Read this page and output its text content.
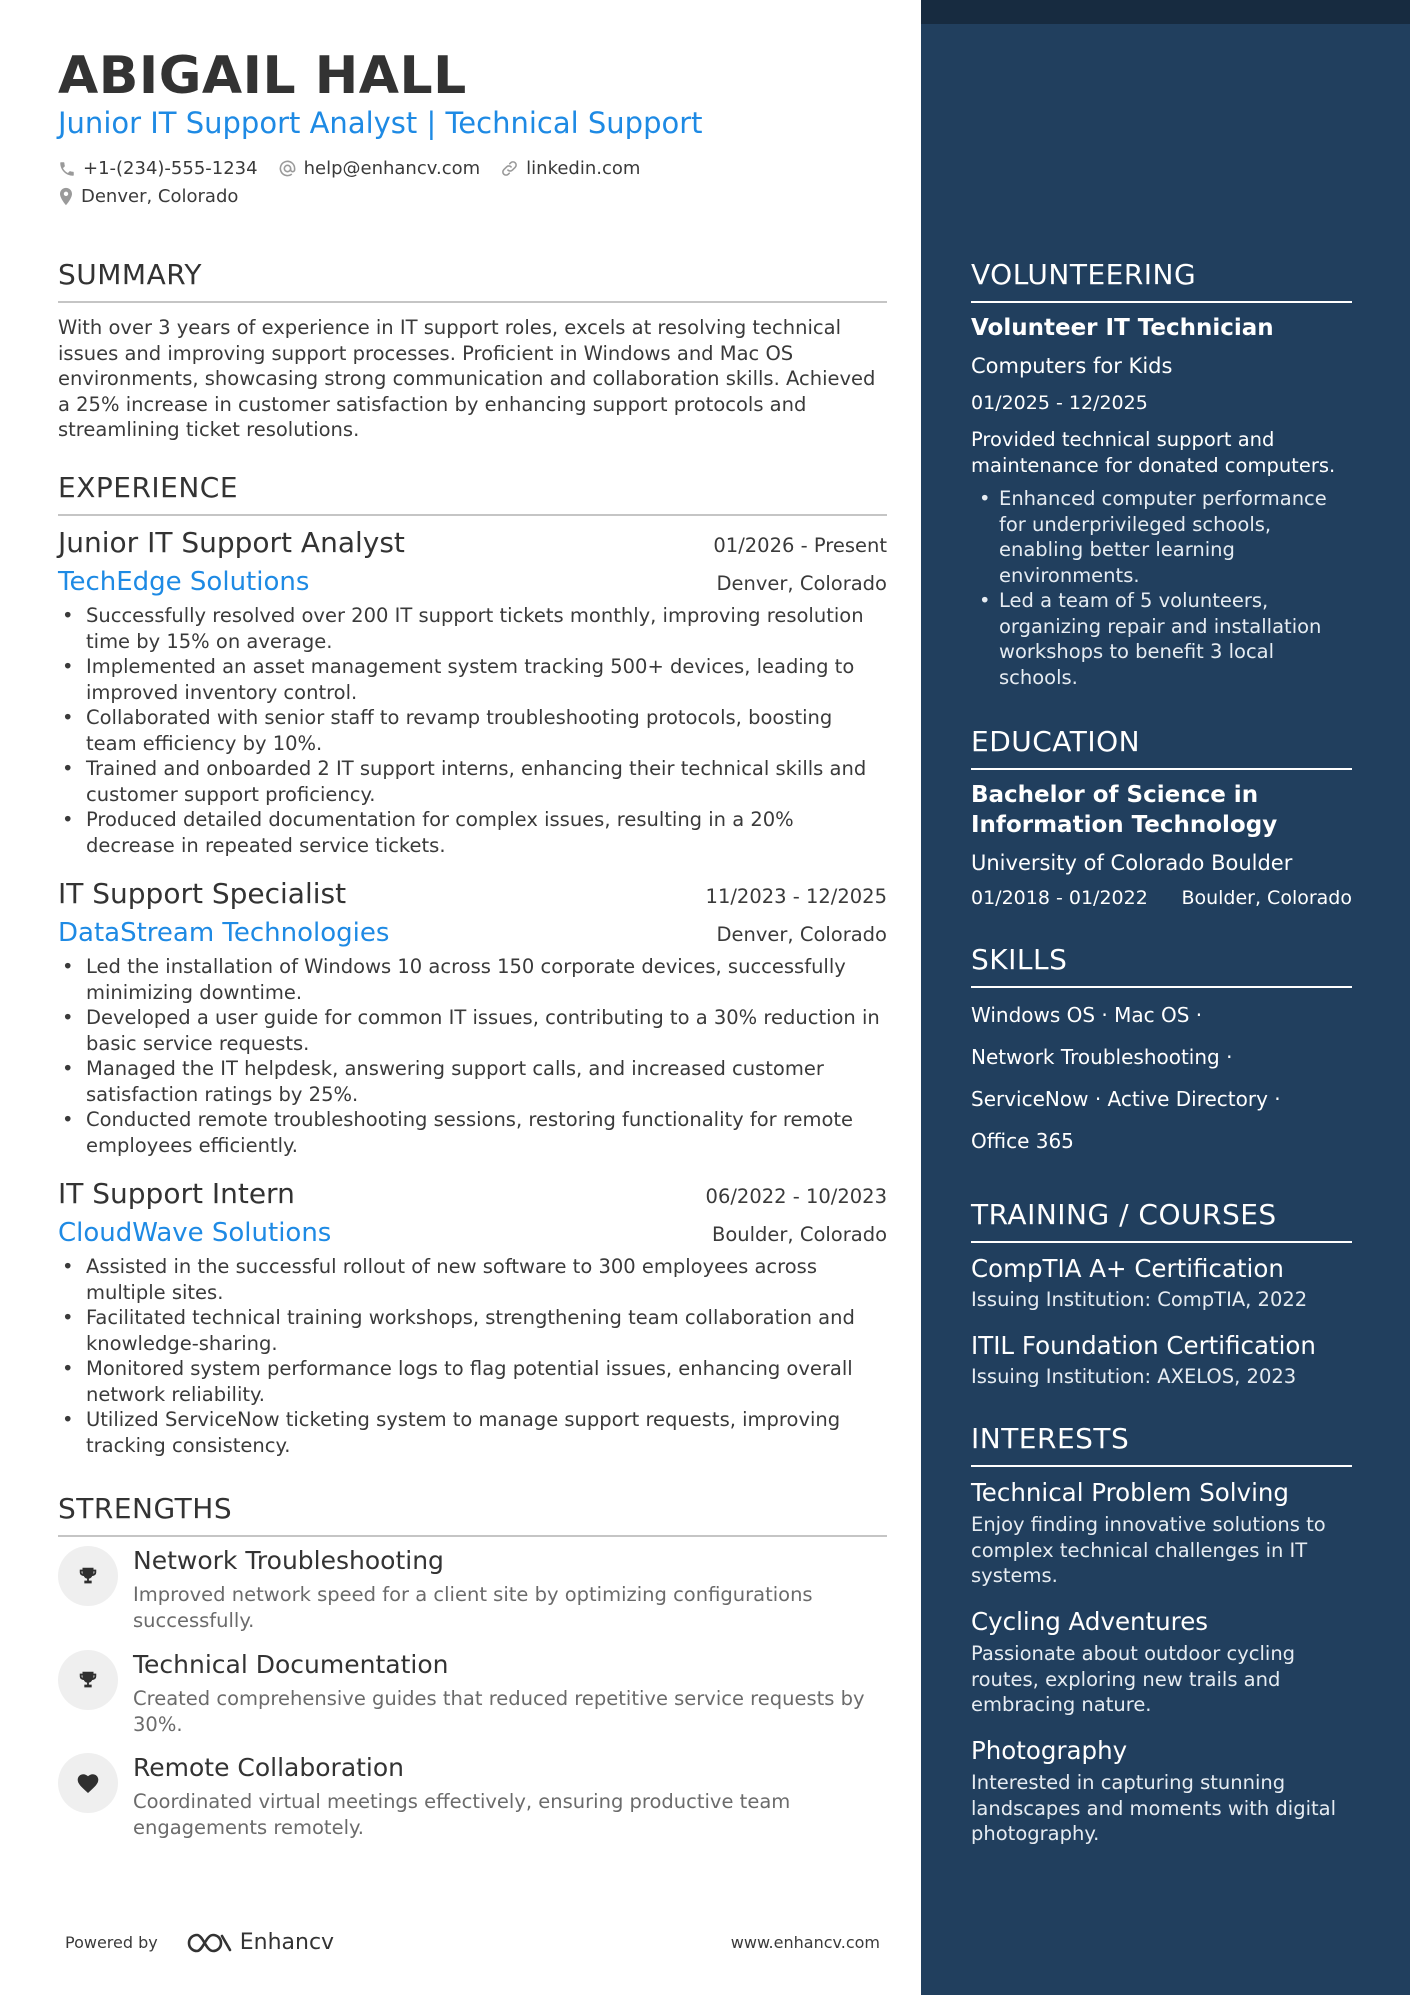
ABIGAIL HALL
Junior IT Support Analyst | Technical Support
+1-(234)-555-1234	help@enhancv.com	linkedin.com
Denver, Colorado
SUMMARY
With over 3 years of experience in IT support roles, excels at resolving technical issues and improving support processes. Proficient in Windows and Mac OS environments, showcasing strong communication and collaboration skills. Achieved a 25% increase in customer satisfaction by enhancing support protocols and streamlining ticket resolutions.
EXPERIENCE
Junior IT Support Analyst	01/2026 - Present
TechEdge Solutions	Denver, Colorado
• Successfully resolved over 200 IT support tickets monthly, improving resolution time by 15% on average.
• Implemented an asset management system tracking 500+ devices, leading to improved inventory control.
• Collaborated with senior staff to revamp troubleshooting protocols, boosting team efficiency by 10%.
• Trained and onboarded 2 IT support interns, enhancing their technical skills and customer support proficiency.
• Produced detailed documentation for complex issues, resulting in a 20% decrease in repeated service tickets.
IT Support Specialist	11/2023 - 12/2025
DataStream Technologies	Denver, Colorado
• Led the installation of Windows 10 across 150 corporate devices, successfully minimizing downtime.
• Developed a user guide for common IT issues, contributing to a 30% reduction in basic service requests.
• Managed the IT helpdesk, answering support calls, and increased customer satisfaction ratings by 25%.
• Conducted remote troubleshooting sessions, restoring functionality for remote employees efficiently.
IT Support Intern	06/2022 - 10/2023
CloudWave Solutions	Boulder, Colorado
• Assisted in the successful rollout of new software to 300 employees across multiple sites.
• Facilitated technical training workshops, strengthening team collaboration and knowledge-sharing.
• Monitored system performance logs to flag potential issues, enhancing overall network reliability.
• Utilized ServiceNow ticketing system to manage support requests, improving tracking consistency.
STRENGTHS
Network Troubleshooting
Improved network speed for a client site by optimizing configurations successfully.
Technical Documentation
Created comprehensive guides that reduced repetitive service requests by 30%.
Remote Collaboration
Coordinated virtual meetings effectively, ensuring productive team engagements remotely.
Powered by	Enhancv	www.enhancv.com
VOLUNTEERING
Volunteer IT Technician
Computers for Kids
01/2025 - 12/2025
Provided technical support and maintenance for donated computers.
• Enhanced computer performance for underprivileged schools, enabling better learning environments.
• Led a team of 5 volunteers, organizing repair and installation workshops to benefit 3 local schools.
EDUCATION
Bachelor of Science in Information Technology
University of Colorado Boulder
01/2018 - 01/2022 Boulder, Colorado
SKILLS
Windows OS · Mac OS ·
Network Troubleshooting ·
ServiceNow · Active Directory ·
Office 365
TRAINING / COURSES
CompTIA A+ Certification
Issuing Institution: CompTIA, 2022
ITIL Foundation Certification
Issuing Institution: AXELOS, 2023
INTERESTS
Technical Problem Solving
Enjoy finding innovative solutions to complex technical challenges in IT systems.
Cycling Adventures
Passionate about outdoor cycling routes, exploring new trails and embracing nature.
Photography
Interested in capturing stunning landscapes and moments with digital photography.
